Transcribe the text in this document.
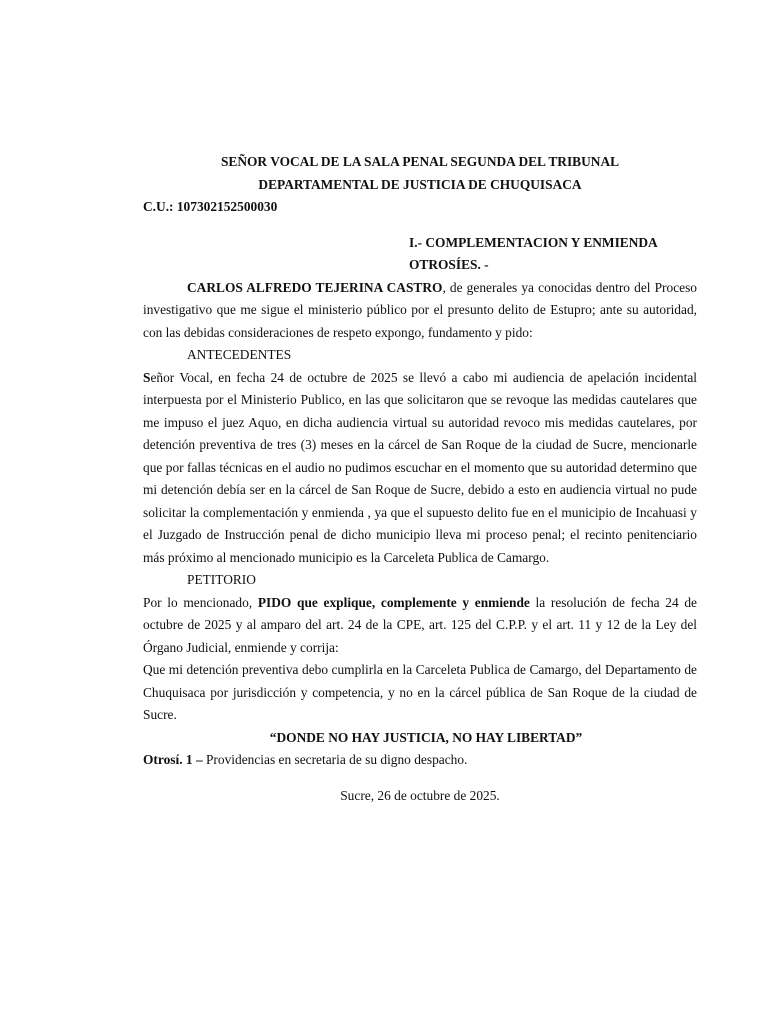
SEÑOR VOCAL DE LA SALA PENAL SEGUNDA DEL TRIBUNAL

DEPARTAMENTAL DE JUSTICIA DE CHUQUISACA

C.U.: 107302152500030

I.- COMPLEMENTACION Y ENMIENDA

OTROSÍES. -

CARLOS ALFREDO TEJERINA CASTRO, de generales ya conocidas dentro del Proceso investigativo que me sigue el ministerio público por el presunto delito de Estupro; ante su autoridad, con las debidas consideraciones de respeto expongo, fundamento y pido:

ANTECEDENTES

Señor Vocal, en fecha 24 de octubre de 2025 se llevó a cabo mi audiencia de apelación incidental interpuesta por el Ministerio Publico, en las que solicitaron que se revoque las medidas cautelares que me impuso el juez Aquo, en dicha audiencia virtual su autoridad revoco mis medidas cautelares, por detención preventiva de tres (3) meses en la cárcel de San Roque de la ciudad de Sucre, mencionarle que por fallas técnicas en el audio no pudimos escuchar en el momento que su autoridad determino que mi detención debía ser en la cárcel de San Roque de Sucre, debido a esto en audiencia virtual no pude solicitar la complementación y enmienda , ya que el supuesto delito fue en el municipio de Incahuasi y el Juzgado de Instrucción penal de dicho municipio lleva mi proceso penal; el recinto penitenciario más próximo al mencionado municipio es la Carceleta Publica de Camargo.

PETITORIO

Por lo mencionado, PIDO que explique, complemente y enmiende la resolución de fecha 24 de octubre de 2025 y al amparo del art. 24 de la CPE, art. 125 del C.P.P. y el art. 11 y 12 de la Ley del Órgano Judicial, enmiende y corrija:

Que mi detención preventiva debo cumplirla en la Carceleta Publica de Camargo, del Departamento de Chuquisaca por jurisdicción y competencia, y no en la cárcel pública de San Roque de la ciudad de Sucre.

“DONDE NO HAY JUSTICIA, NO HAY LIBERTAD”

Otrosí. 1 – Providencias en secretaria de su digno despacho.

Sucre, 26 de octubre de 2025.
